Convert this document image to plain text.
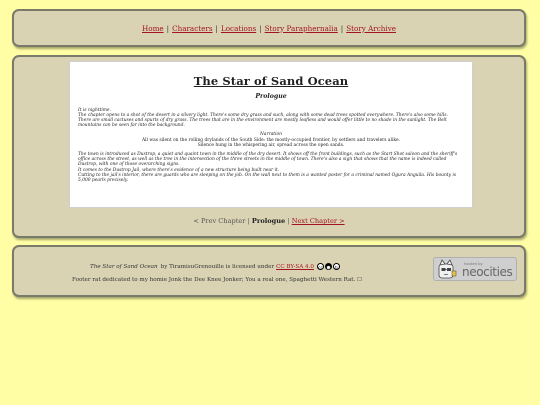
Home | Characters | Locations | Story Paraphernalia | Story Archive
The Star of Sand Ocean
Prologue
It is nighttime.
The chapter opens to a shot of the desert in a silvery light. There's some dry grass and such, along with some dead trees spotted everywhere. There's also some hills.
There are small cactuses and spurts of dry grass. The trees that are in the environment are mostly leafless and would offer little to no shade in the sunlight. The Belt mountains can be seen far into the background.
Narration
All was silent on the rolling drylands of the South Side: the mostly-occupied frontier, by settlers and travelers alike.
Silence hung in the whispering air, spread across the open sands.
The town is introduced as Dustrop, a quiet and quaint town in the middle of the dry desert. It shows off the front buildings, such as the Start Shot saloon and the sheriff's office across the street, as well as the tree in the intersection of the three streets in the middle of town. There's also a sign that shows that the name is indeed called Dustrop, with one of those overarching signs.
It comes to the Dustrop Jail, where there's evidence of a new structure being built near it.
Cutting to the jail's interior, there are guards who are sleeping on the job. On the wall next to them is a wanted poster for a criminal named Ogura Anguila. His bounty is 5,000 pearls precisely.
< Prev Chapter | Prologue | Next Chapter >
The Star of Sand Ocean by TiramisuGrenouille is licensed under CC BY-SA 4.0	cc ☻	↻
Footer rat dedicated to my homie Jonk the Dee Knee Jonker; You a real one, Spaghetti Western Rat. ☐
hosted by
neocities
